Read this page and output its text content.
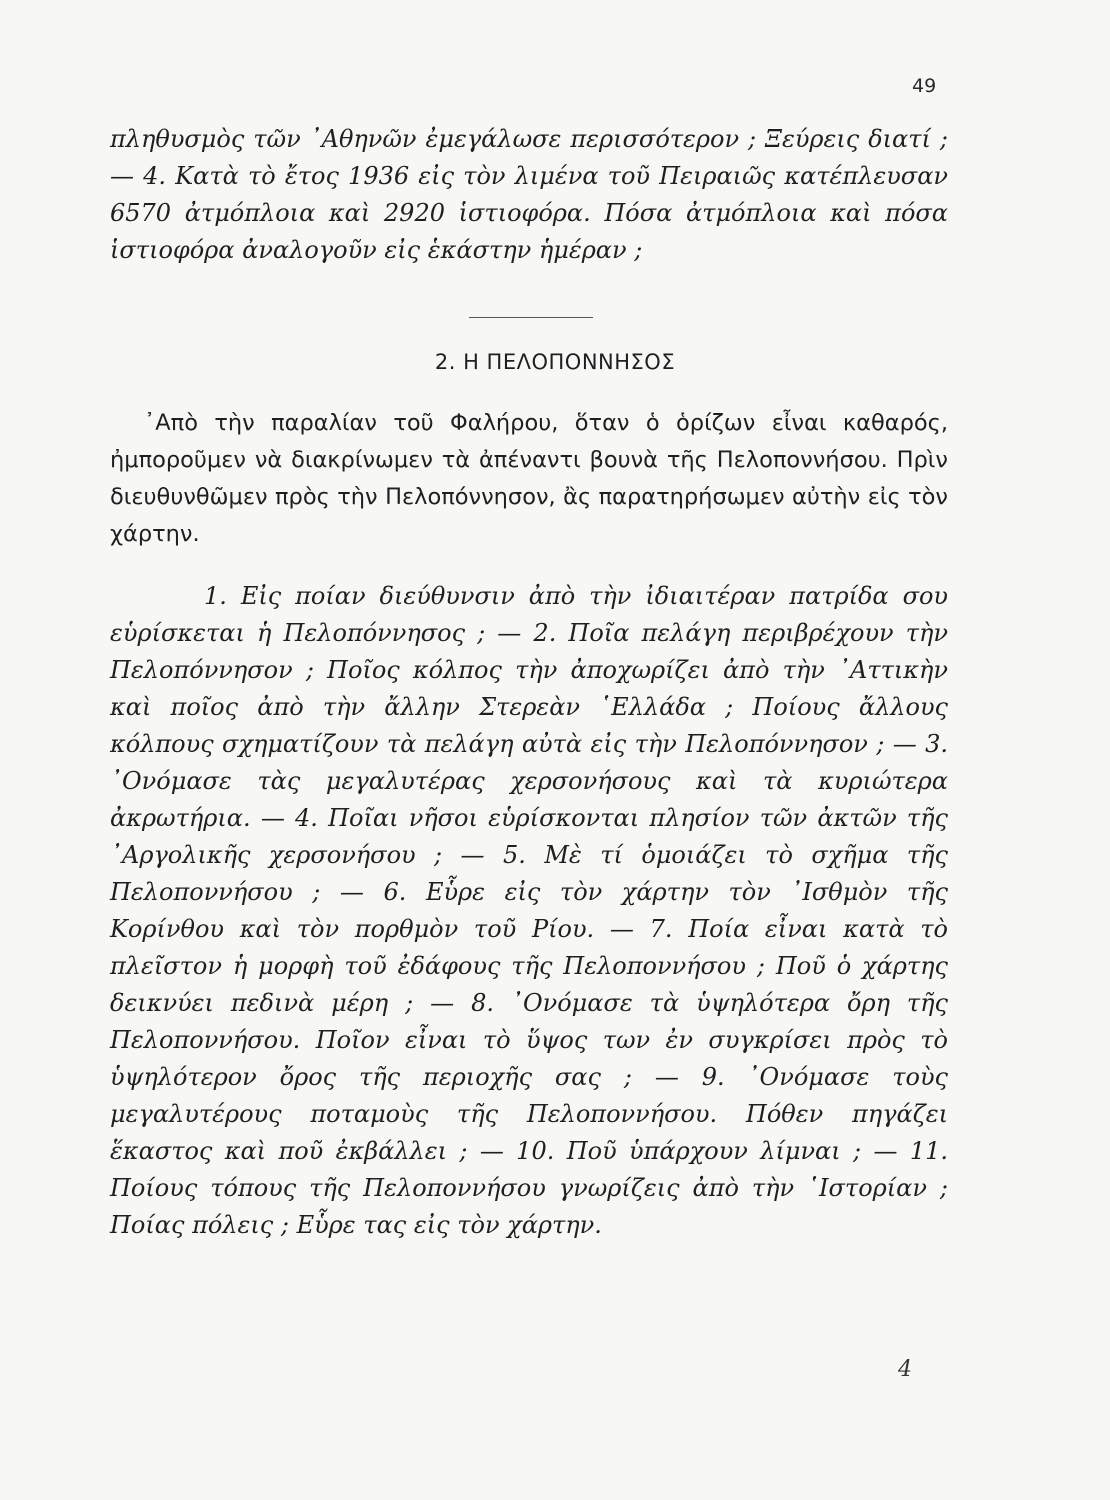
49

πληθυσμὸς τῶν ᾽Αθηνῶν ἐμεγάλωσε περισσότερον ; Ξεύρεις διατί ; — 4. Κατὰ τὸ ἔτος 1936 εἰς τὸν λιμένα τοῦ Πειραιῶς κατέπλευσαν 6570 ἀτμόπλοια καὶ 2920 ἱστιοφόρα. Πόσα ἀτμόπλοια καὶ πόσα ἱστιοφόρα ἀναλογοῦν εἰς ἑκάστην ἡμέραν ;

2. Η ΠΕΛΟΠΟΝΝΗΣΟΣ

᾽Απὸ τὴν παραλίαν τοῦ Φαλήρου, ὅταν ὁ ὁρίζων εἶναι καθαρός, ἠμποροῦμεν νὰ διακρίνωμεν τὰ ἀπέναντι βουνὰ τῆς Πελοποννήσου. Πρὶν διευθυνθῶμεν πρὸς τὴν Πελοπόννησον, ἂς παρατηρήσωμεν αὐτὴν εἰς τὸν χάρτην.

1. Εἰς ποίαν διεύθυνσιν ἀπὸ τὴν ἰδιαιτέραν πατρίδα σου εὑρίσκεται ἡ Πελοπόννησος ; — 2. Ποῖα πελάγη περιβρέχουν τὴν Πελοπόννησον ; Ποῖος κόλπος τὴν ἀποχωρίζει ἀπὸ τὴν ᾽Αττικὴν καὶ ποῖος ἀπὸ τὴν ἄλλην Στερεὰν ῾Ελλάδα ; Ποίους ἄλλους κόλπους σχηματίζουν τὰ πελάγη αὐτὰ εἰς τὴν Πελοπόννησον ; — 3. ᾽Ονόμασε τὰς μεγαλυτέρας χερσονήσους καὶ τὰ κυριώτερα ἀκρωτήρια. — 4. Ποῖαι νῆσοι εὑρίσκονται πλησίον τῶν ἀκτῶν τῆς ᾽Αργολικῆς χερσονήσου ; — 5. Μὲ τί ὁμοιάζει τὸ σχῆμα τῆς Πελοποννήσου ; — 6. Εὗρε εἰς τὸν χάρτην τὸν ᾽Ισθμὸν τῆς Κορίνθου καὶ τὸν πορθμὸν τοῦ Ρίου. — 7. Ποία εἶναι κατὰ τὸ πλεῖστον ἡ μορφὴ τοῦ ἐδάφους τῆς Πελοποννήσου ; Ποῦ ὁ χάρτης δεικνύει πεδινὰ μέρη ; — 8. ᾽Ονόμασε τὰ ὑψηλότερα ὄρη τῆς Πελοποννήσου. Ποῖον εἶναι τὸ ὕψος των ἐν συγκρίσει πρὸς τὸ ὑψηλότερον ὄρος τῆς περιοχῆς σας ; — 9. ᾽Ονόμασε τοὺς μεγαλυτέρους ποταμοὺς τῆς Πελοποννήσου. Πόθεν πηγάζει ἕκαστος καὶ ποῦ ἐκβάλλει ; — 10. Ποῦ ὑπάρχουν λίμναι ; — 11. Ποίους τόπους τῆς Πελοποννήσου γνωρίζεις ἀπὸ τὴν ῾Ιστορίαν ; Ποίας πόλεις ; Εὗρε τας εἰς τὸν χάρτην.

4
